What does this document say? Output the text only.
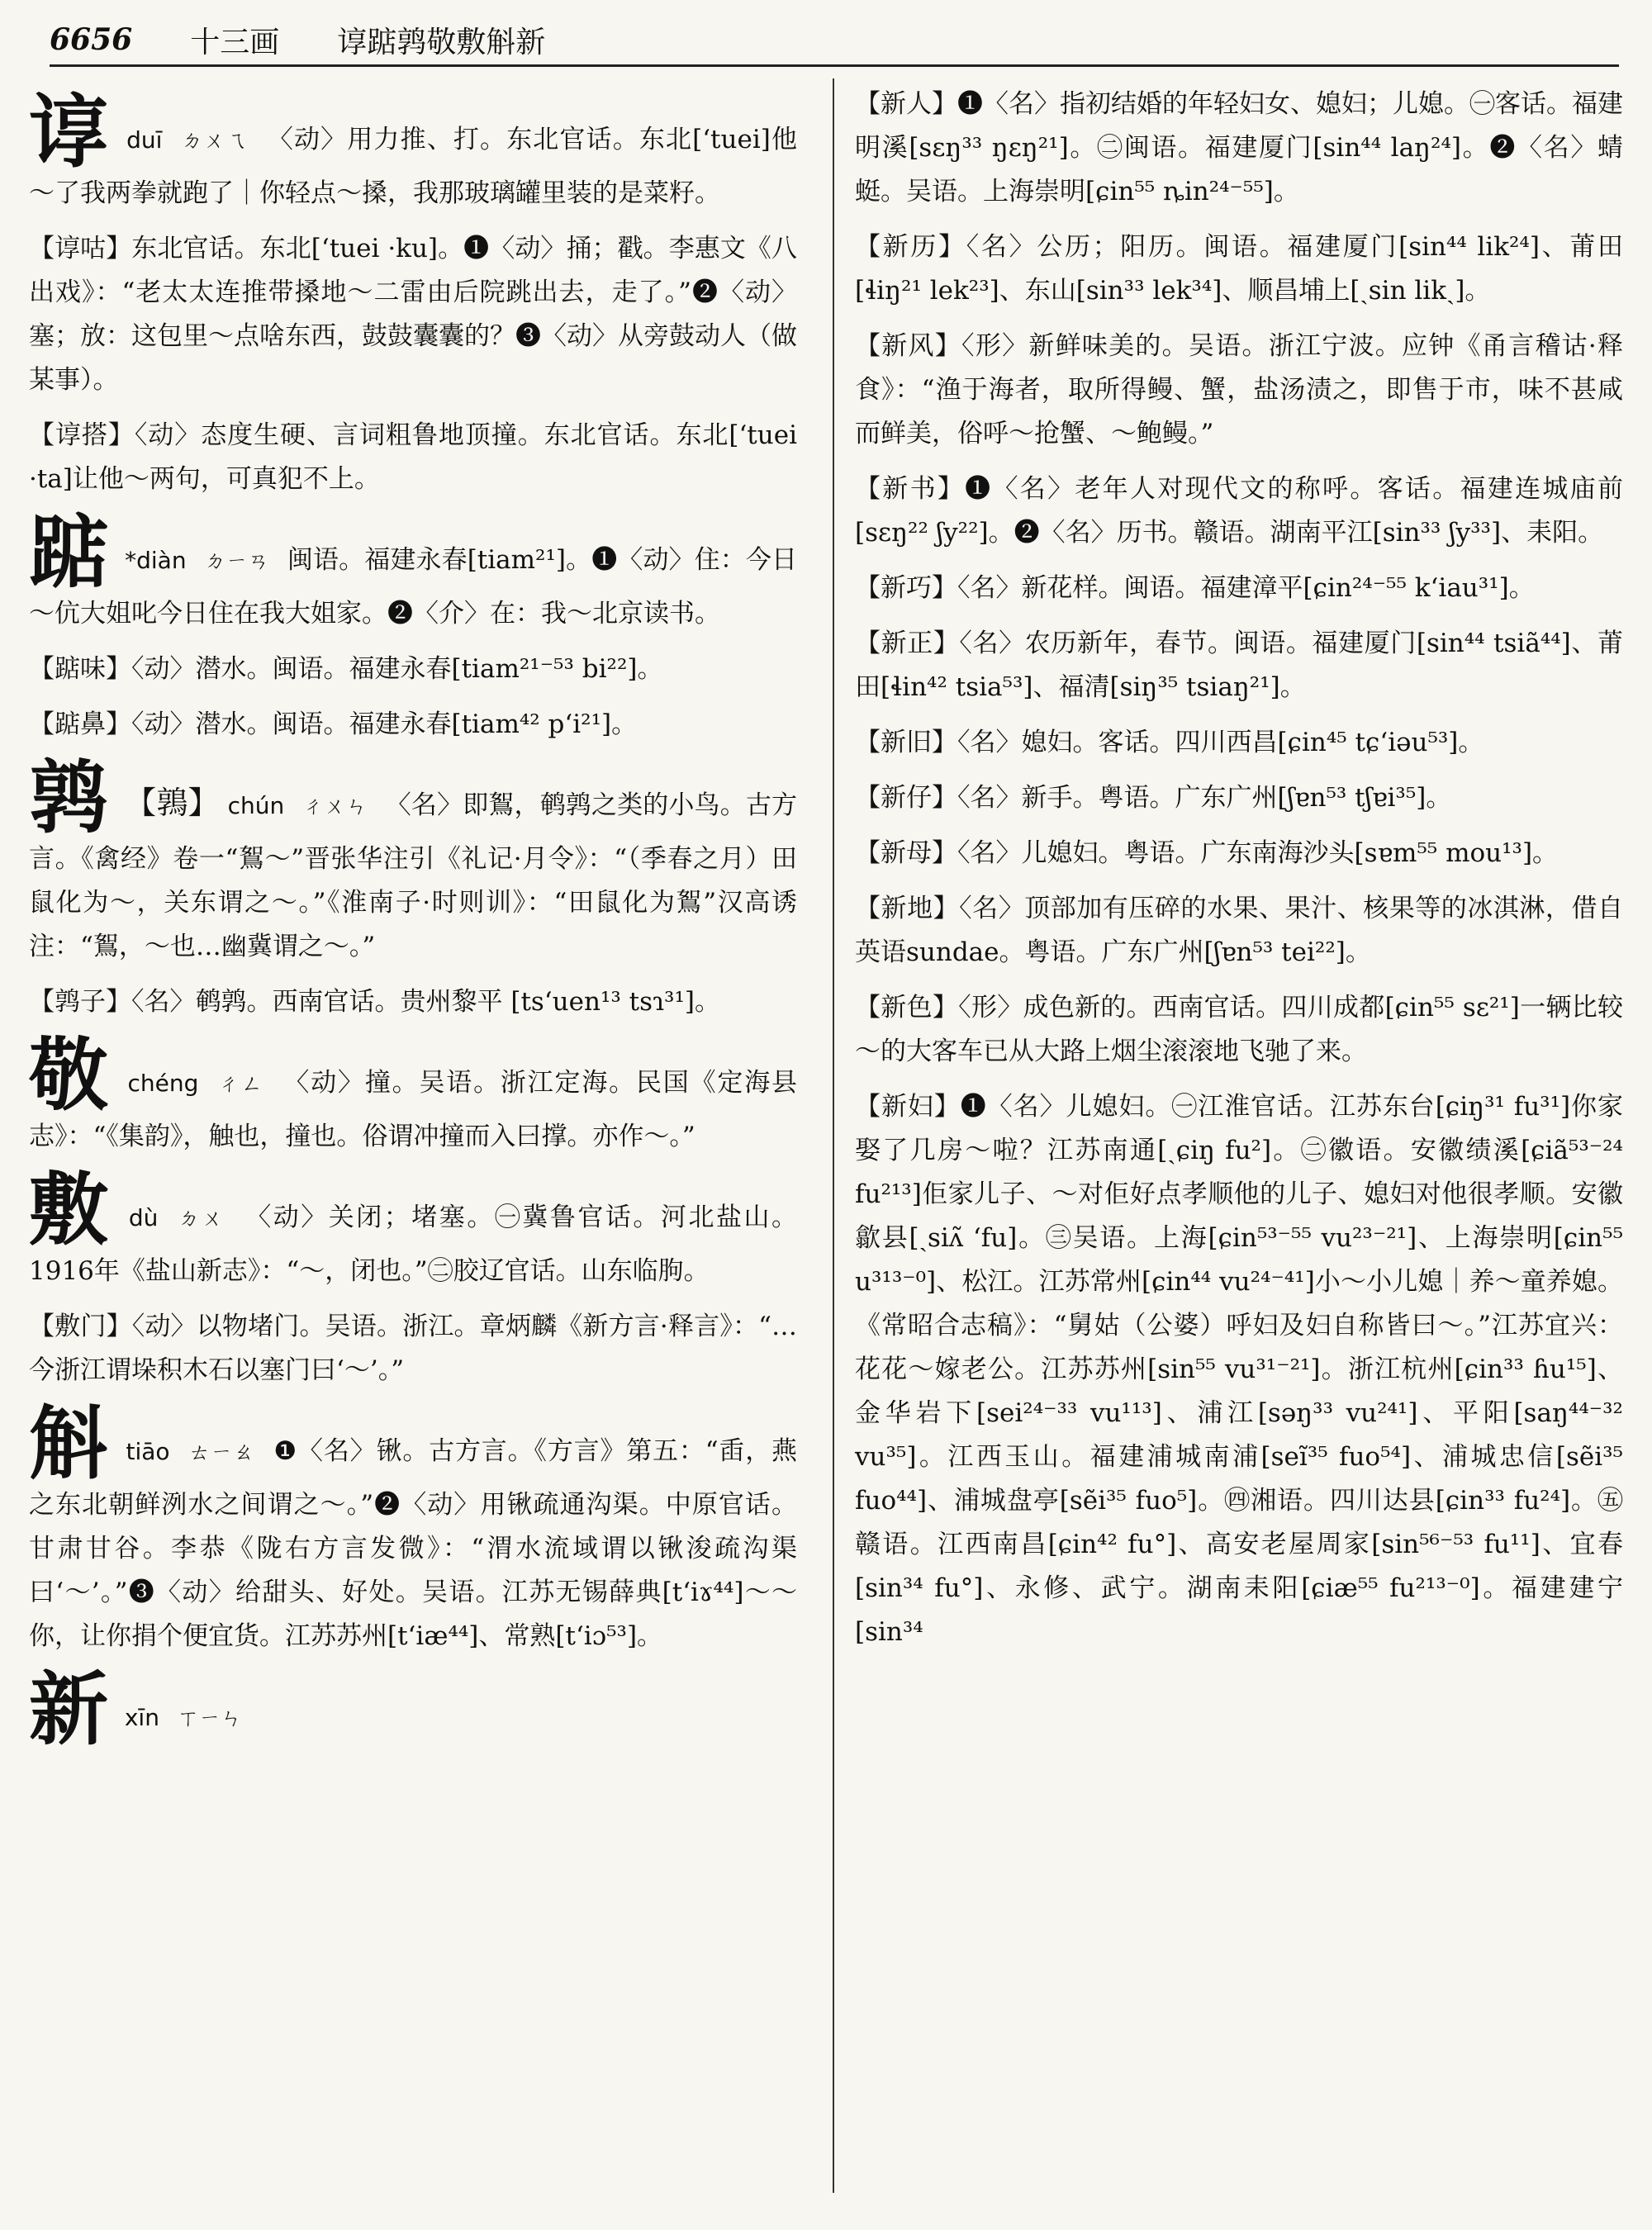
6656 十三画 ﻿谆踮鹑敬敷斛新
谆 duī ㄉㄨㄟ 〈动〉用力推、打。东北官话。东北[ʻtuei]他～了我两拳就跑了｜你轻点～搡，我那玻璃罐里装的是菜籽。
【谆咕】东北官话。东北[ʻtuei ·ku]。❶〈动〉捅；戳。李惠文《八出戏》：“老太太连推带搡地～二雷由后院跳出去，走了。”❷〈动〉塞；放：这包里～点啥东西，鼓鼓囊囊的？❸〈动〉从旁鼓动人（做某事）。
【谆搭】〈动〉态度生硬、言词粗鲁地顶撞。东北官话。东北[ʻtuei ·ta]让他～两句，可真犯不上。
踮 *diàn ㄉㄧㄢ 闽语。福建永春[tiam²¹]。❶〈动〉住：今日～伉大姐叱今日住在我大姐家。❷〈介〉在：我～北京读书。
【踮味】〈动〉潜水。闽语。福建永春[tiam²¹⁻⁵³ bi²²]。
【踮鼻】〈动〉潜水。闽语。福建永春[tiam⁴² pʻi²¹]。
鹑 【鶉】 chún ㄔㄨㄣ 〈名〉即鴽，鹌鹑之类的小鸟。古方言。《禽经》卷一“鴽～”晋张华注引《礼记·月令》：“（季春之月）田鼠化为～，关东谓之～。”《淮南子·时则训》：“田鼠化为鴽”汉高诱注：“鴽，～也…幽冀谓之～。”
【鹑子】〈名〉鹌鹑。西南官话。贵州黎平 [tsʻuen¹³ tsɿ³¹]。
敬 chéng ㄔㄥ 〈动〉撞。吴语。浙江定海。民国《定海县志》：“《集韵》，触也，撞也。俗谓冲撞而入曰撑。亦作～。”
敷 dù ㄉㄨ 〈动〉关闭；堵塞。㊀冀鲁官话。河北盐山。1916年《盐山新志》：“～，闭也。”㊁胶辽官话。山东临朐。
【敷门】〈动〉以物堵门。吴语。浙江。章炳麟《新方言·释言》：“…今浙江谓垛积木石以塞门曰‘～’。”
斛 tiāo ㄊㄧㄠ ❶〈名〉锹。古方言。《方言》第五：“臿，燕之东北朝鲜洌水之间谓之～。”❷〈动〉用锹疏通沟渠。中原官话。甘肃甘谷。李恭《陇右方言发微》：“渭水流域谓以锹浚疏沟渠曰‘～’。”❸〈动〉给甜头、好处。吴语。江苏无锡薛典[tʻiɤ⁴⁴]～～你，让你捐个便宜货。江苏苏州[tʻiæ⁴⁴]、常熟[tʻiɔ⁵³]。
新 xīn ㄒㄧㄣ
【新人】❶〈名〉指初结婚的年轻妇女、媳妇；儿媳。㊀客话。福建明溪[sɛŋ³³ ŋɛŋ²¹]。㊁闽语。福建厦门[sin⁴⁴ laŋ²⁴]。❷〈名〉蜻蜓。吴语。上海崇明[ɕin⁵⁵ ȵin²⁴⁻⁵⁵]。
【新历】〈名〉公历；阳历。闽语。福建厦门[sin⁴⁴ lik²⁴]、莆田[ɬiŋ²¹ lek²³]、东山[sin³³ lek³⁴]、顺昌埔上[ˏsin likˏ]。
【新风】〈形〉新鲜味美的。吴语。浙江宁波。应钟《甬言稽诂·释食》：“渔于海者，取所得鳗、蟹，盐汤渍之，即售于市，味不甚咸而鲜美，俗呼～抢蟹、～鲍鳗。”
【新书】❶〈名〉老年人对现代文的称呼。客话。福建连城庙前[sɛŋ²² ʃy²²]。❷〈名〉历书。赣语。湖南平江[sin³³ ʃy³³]、耒阳。
【新巧】〈名〉新花样。闽语。福建漳平[ɕin²⁴⁻⁵⁵ kʻiau³¹]。
【新正】〈名〉农历新年，春节。闽语。福建厦门[sin⁴⁴ tsiã⁴⁴]、莆田[ɬin⁴² tsia⁵³]、福清[siŋ³⁵ tsiaŋ²¹]。
【新旧】〈名〉媳妇。客话。四川西昌[ɕin⁴⁵ tɕʻiəu⁵³]。
【新仔】〈名〉新手。粤语。广东广州[ʃɐn⁵³ tʃɐi³⁵]。
【新母】〈名〉儿媳妇。粤语。广东南海沙头[sɐm⁵⁵ mou¹³]。
【新地】〈名〉顶部加有压碎的水果、果汁、核果等的冰淇淋，借自英语sundae。粤语。广东广州[ʃɐn⁵³ tei²²]。
【新色】〈形〉成色新的。西南官话。四川成都[ɕin⁵⁵ sɛ²¹]一辆比较～的大客车已从大路上烟尘滚滚地飞驰了来。
【新妇】❶〈名〉儿媳妇。㊀江淮官话。江苏东台[ɕiŋ³¹ fu³¹]你家娶了几房～啦？江苏南通[ˏɕiŋ fu²]。㊁徽语。安徽绩溪[ɕiã⁵³⁻²⁴ fu²¹³]佢家儿子、～对佢好点孝顺他的儿子、媳妇对他很孝顺。安徽歙县[ˏsiʌ̃ ʻfu]。㊂吴语。上海[ɕin⁵³⁻⁵⁵ vu²³⁻²¹]、上海崇明[ɕin⁵⁵ u³¹³⁻⁰]、松江。江苏常州[ɕin⁴⁴ vu²⁴⁻⁴¹]小～小儿媳｜养～童养媳。《常昭合志稿》：“舅姑（公婆）呼妇及妇自称皆曰～。”江苏宜兴：花花～嫁老公。江苏苏州[sin⁵⁵ vu³¹⁻²¹]。浙江杭州[ɕin³³ ɦu¹⁵]、金华岩下[sei²⁴⁻³³ vu¹¹³]、浦江[səŋ³³ vu²⁴¹]、平阳[saŋ⁴⁴⁻³² vu³⁵]。江西玉山。福建浦城南浦[seĩ³⁵ fuo⁵⁴]、浦城忠信[sẽi³⁵ fuo⁴⁴]、浦城盘亭[sẽi³⁵ fuo⁵]。㊃湘语。四川达县[ɕin³³ fu²⁴]。㊄赣语。江西南昌[ɕin⁴² fu°]、高安老屋周家[sin⁵⁶⁻⁵³ fu¹¹]、宜春[sin³⁴ fu°]、永修、武宁。湖南耒阳[ɕiæ⁵⁵ fu²¹³⁻⁰]。福建建宁[sin³⁴
